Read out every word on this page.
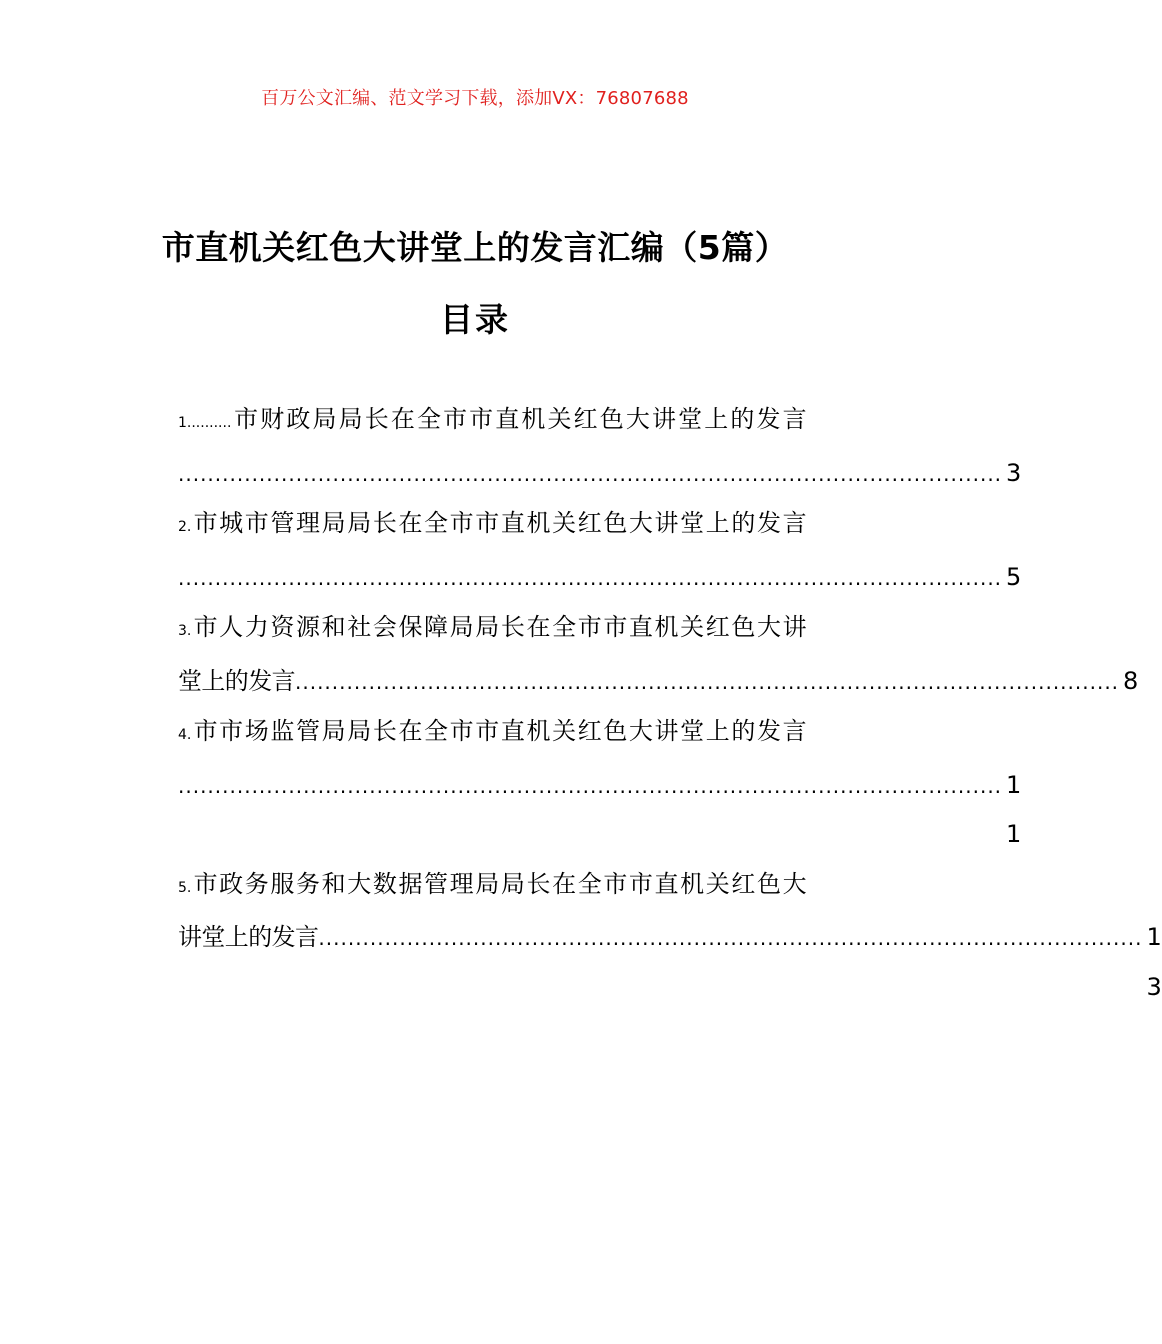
百万公文汇编、范文学习下载，添加VX：76807688
市直机关红色大讲堂上的发言汇编（5篇）
目录
1..........市财政局局长在全市市直机关红色大讲堂上的发言
................................................................................................................ 3
2.市城市管理局局长在全市市直机关红色大讲堂上的发言
................................................................................................................ 5
3.市人力资源和社会保障局局长在全市市直机关红色大讲
堂上的发言 ................................................................................................................ 8
4.市市场监管局局长在全市市直机关红色大讲堂上的发言
................................................................................................................ 11
5.市政务服务和大数据管理局局长在全市市直机关红色大
讲堂上的发言 ................................................................................................................ 13
